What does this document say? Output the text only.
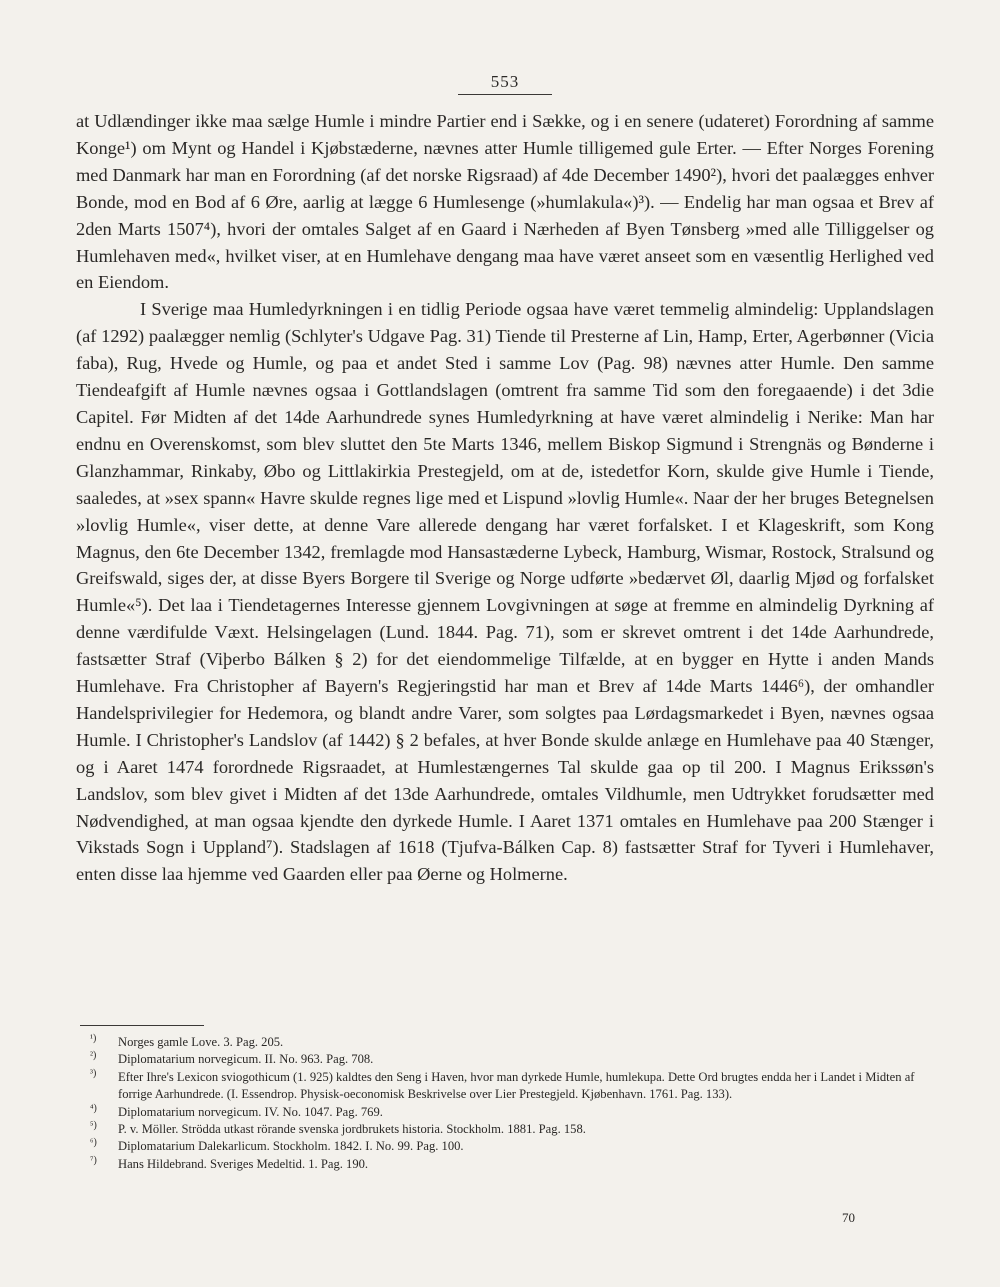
553

at Udlændinger ikke maa sælge Humle i mindre Partier end i Sække, og i en senere (udateret) Forordning af samme Konge¹) om Mynt og Handel i Kjøbstæderne, nævnes atter Humle tilligemed gule Erter. — Efter Norges Forening med Danmark har man en Forordning (af det norske Rigsraad) af 4de December 1490²), hvori det paalægges enhver Bonde, mod en Bod af 6 Øre, aarlig at lægge 6 Humlesenge (»humlakula«)³). — Endelig har man ogsaa et Brev af 2den Marts 1507⁴), hvori der omtales Salget af en Gaard i Nærheden af Byen Tønsberg »med alle Tilliggelser og Humlehaven med«, hvilket viser, at en Humlehave dengang maa have været anseet som en væsentlig Herlighed ved en Eiendom.

I Sverige maa Humledyrkningen i en tidlig Periode ogsaa have været temmelig almindelig: Upplandslagen (af 1292) paalægger nemlig (Schlyter's Udgave Pag. 31) Tiende til Presterne af Lin, Hamp, Erter, Agerbønner (Vicia faba), Rug, Hvede og Humle, og paa et andet Sted i samme Lov (Pag. 98) nævnes atter Humle. Den samme Tiendeafgift af Humle nævnes ogsaa i Gottlandslagen (omtrent fra samme Tid som den foregaaende) i det 3die Capitel. Før Midten af det 14de Aarhundrede synes Humledyrkning at have været almindelig i Nerike: Man har endnu en Overenskomst, som blev sluttet den 5te Marts 1346, mellem Biskop Sigmund i Strengnäs og Bønderne i Glanzhammar, Rinkaby, Øbo og Littlakirkia Prestegjeld, om at de, istedetfor Korn, skulde give Humle i Tiende, saaledes, at »sex spann« Havre skulde regnes lige med et Lispund »lovlig Humle«. Naar der her bruges Betegnelsen »lovlig Humle«, viser dette, at denne Vare allerede dengang har været forfalsket. I et Klageskrift, som Kong Magnus, den 6te December 1342, fremlagde mod Hansastæderne Lybeck, Hamburg, Wismar, Rostock, Stralsund og Greifswald, siges der, at disse Byers Borgere til Sverige og Norge udførte »bedærvet Øl, daarlig Mjød og forfalsket Humle«⁵). Det laa i Tiendetagernes Interesse gjennem Lovgivningen at søge at fremme en almindelig Dyrkning af denne værdifulde Væxt. Helsingelagen (Lund. 1844. Pag. 71), som er skrevet omtrent i det 14de Aarhundrede, fastsætter Straf (Viþerbo Bálken § 2) for det eiendommelige Tilfælde, at en bygger en Hytte i anden Mands Humlehave. Fra Christopher af Bayern's Regjeringstid har man et Brev af 14de Marts 1446⁶), der omhandler Handelsprivilegier for Hedemora, og blandt andre Varer, som solgtes paa Lørdagsmarkedet i Byen, nævnes ogsaa Humle. I Christopher's Landslov (af 1442) § 2 befales, at hver Bonde skulde anlæge en Humlehave paa 40 Stænger, og i Aaret 1474 forordnede Rigsraadet, at Humlestængernes Tal skulde gaa op til 200. I Magnus Erikssøn's Landslov, som blev givet i Midten af det 13de Aarhundrede, omtales Vildhumle, men Udtrykket forudsætter med Nødvendighed, at man ogsaa kjendte den dyrkede Humle. I Aaret 1371 omtales en Humlehave paa 200 Stænger i Vikstads Sogn i Uppland⁷). Stadslagen af 1618 (Tjufva-Bálken Cap. 8) fastsætter Straf for Tyveri i Humlehaver, enten disse laa hjemme ved Gaarden eller paa Øerne og Holmerne.

¹) Norges gamle Love. 3. Pag. 205.
²) Diplomatarium norvegicum. II. No. 963. Pag. 708.
³) Efter Ihre's Lexicon sviogothicum (1. 925) kaldtes den Seng i Haven, hvor man dyrkede Humle, humlekupa. Dette Ord brugtes endda her i Landet i Midten af forrige Aarhundrede. (I. Essendrop. Physisk-oeconomisk Beskrivelse over Lier Prestegjeld. Kjøbenhavn. 1761. Pag. 133).
⁴) Diplomatarium norvegicum. IV. No. 1047. Pag. 769.
⁵) P. v. Möller. Strödda utkast rörande svenska jordbrukets historia. Stockholm. 1881. Pag. 158.
⁶) Diplomatarium Dalekarlicum. Stockholm. 1842. I. No. 99. Pag. 100.
⁷) Hans Hildebrand. Sveriges Medeltid. 1. Pag. 190.
70
